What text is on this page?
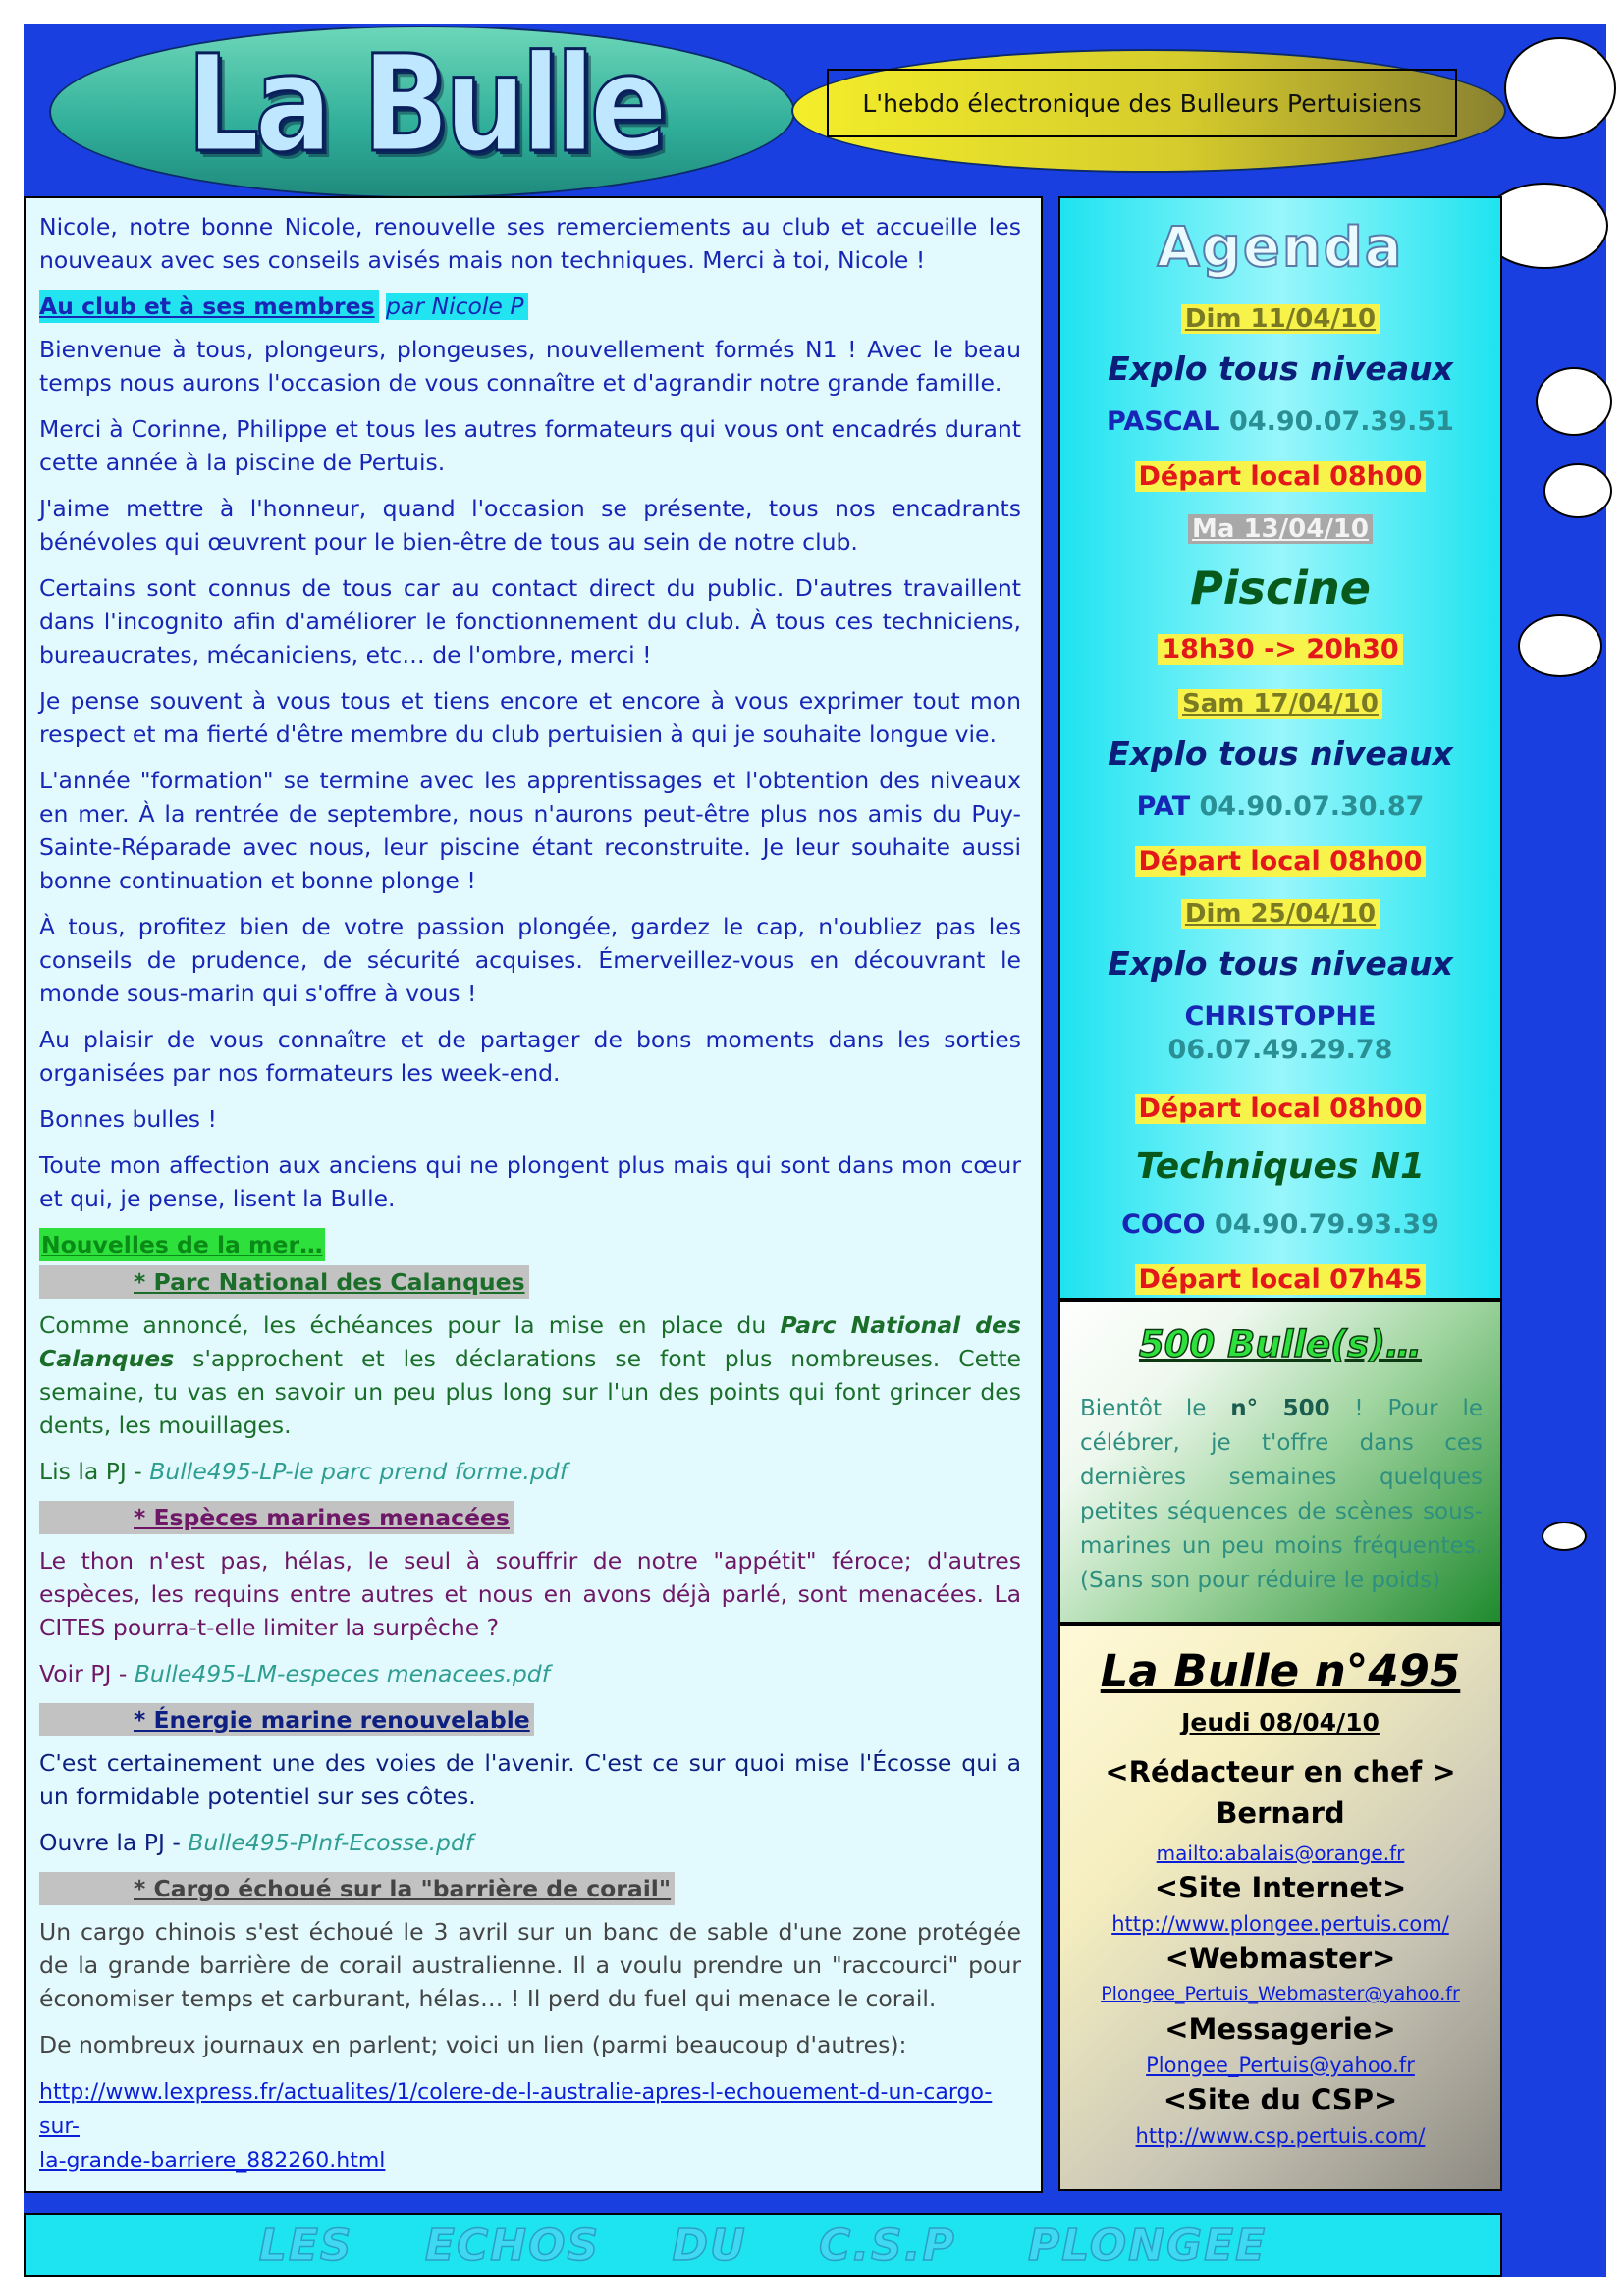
La Bulle	L'hebdo électronique des Bulleurs Pertuisiens

Nicole, notre bonne Nicole, renouvelle ses remerciements au club et accueille les nouveaux avec ses conseils avisés mais non techniques. Merci à toi, Nicole !

Au club et à ses membres par Nicole P

Bienvenue à tous, plongeurs, plongeuses, nouvellement formés N1 ! Avec le beau temps nous aurons l'occasion de vous connaître et d'agrandir notre grande famille.

Merci à Corinne, Philippe et tous les autres formateurs qui vous ont encadrés durant cette année à la piscine de Pertuis.

J'aime mettre à l'honneur, quand l'occasion se présente, tous nos encadrants bénévoles qui œuvrent pour le bien-être de tous au sein de notre club.

Certains sont connus de tous car au contact direct du public. D'autres travaillent dans l'incognito afin d'améliorer le fonctionnement du club. À tous ces techniciens, bureaucrates, mécaniciens, etc… de l'ombre, merci !

Je pense souvent à vous tous et tiens encore et encore à vous exprimer tout mon respect et ma fierté d'être membre du club pertuisien à qui je souhaite longue vie.

L'année "formation" se termine avec les apprentissages et l'obtention des niveaux en mer. À la rentrée de septembre, nous n'aurons peut-être plus nos amis du Puy-Sainte-Réparade avec nous, leur piscine étant reconstruite. Je leur souhaite aussi bonne continuation et bonne plonge !

À tous, profitez bien de votre passion plongée, gardez le cap, n'oubliez pas les conseils de prudence, de sécurité acquises. Émerveillez-vous en découvrant le monde sous-marin qui s'offre à vous !

Au plaisir de vous connaître et de partager de bons moments dans les sorties organisées par nos formateurs les week-end.

Bonnes bulles !

Toute mon affection aux anciens qui ne plongent plus mais qui sont dans mon cœur et qui, je pense, lisent la Bulle.

Nouvelles de la mer…

* Parc National des Calanques

Comme annoncé, les échéances pour la mise en place du Parc National des Calanques s'approchent et les déclarations se font plus nombreuses. Cette semaine, tu vas en savoir un peu plus long sur l'un des points qui font grincer des dents, les mouillages.

Lis la PJ - Bulle495-LP-le parc prend forme.pdf

* Espèces marines menacées

Le thon n'est pas, hélas, le seul à souffrir de notre "appétit" féroce; d'autres espèces, les requins entre autres et nous en avons déjà parlé, sont menacées. La CITES pourra-t-elle limiter la surpêche ?

Voir PJ - Bulle495-LM-especes menacees.pdf

* Énergie marine renouvelable

C'est certainement une des voies de l'avenir. C'est ce sur quoi mise l'Écosse qui a un formidable potentiel sur ses côtes.

Ouvre la PJ - Bulle495-PInf-Ecosse.pdf

* Cargo échoué sur la "barrière de corail"

Un cargo chinois s'est échoué le 3 avril sur un banc de sable d'une zone protégée de la grande barrière de corail australienne. Il a voulu prendre un "raccourci" pour économiser temps et carburant, hélas… ! Il perd du fuel qui menace le corail.

De nombreux journaux en parlent; voici un lien (parmi beaucoup d'autres):

http://www.lexpress.fr/actualites/1/colere-de-l-australie-apres-l-echouement-d-un-cargo-sur-
la-grande-barriere_882260.html

Agenda
Dim 11/04/10
Explo tous niveaux
PASCAL 04.90.07.39.51
Départ local 08h00
Ma 13/04/10
Piscine
18h30 -> 20h30
Sam 17/04/10
Explo tous niveaux
PAT 04.90.07.30.87
Départ local 08h00
Dim 25/04/10
Explo tous niveaux
CHRISTOPHE
06.07.49.29.78
Départ local 08h00
Techniques N1
COCO 04.90.79.93.39
Départ local 07h45
500 Bulle(s)…
Bientôt le n° 500 ! Pour le célébrer, je t'offre dans ces dernières semaines quelques petites séquences de scènes sous-marines un peu moins fréquentes. (Sans son pour réduire le poids)
La Bulle n°495
Jeudi 08/04/10
<Rédacteur en chef >
Bernard
mailto:abalais@orange.fr
<Site Internet>
http://www.plongee.pertuis.com/
<Webmaster>
Plongee_Pertuis_Webmaster@yahoo.fr
<Messagerie>
Plongee_Pertuis@yahoo.fr
<Site du CSP>
http://www.csp.pertuis.com/
LES ECHOS DU C.S.P PLONGEE
